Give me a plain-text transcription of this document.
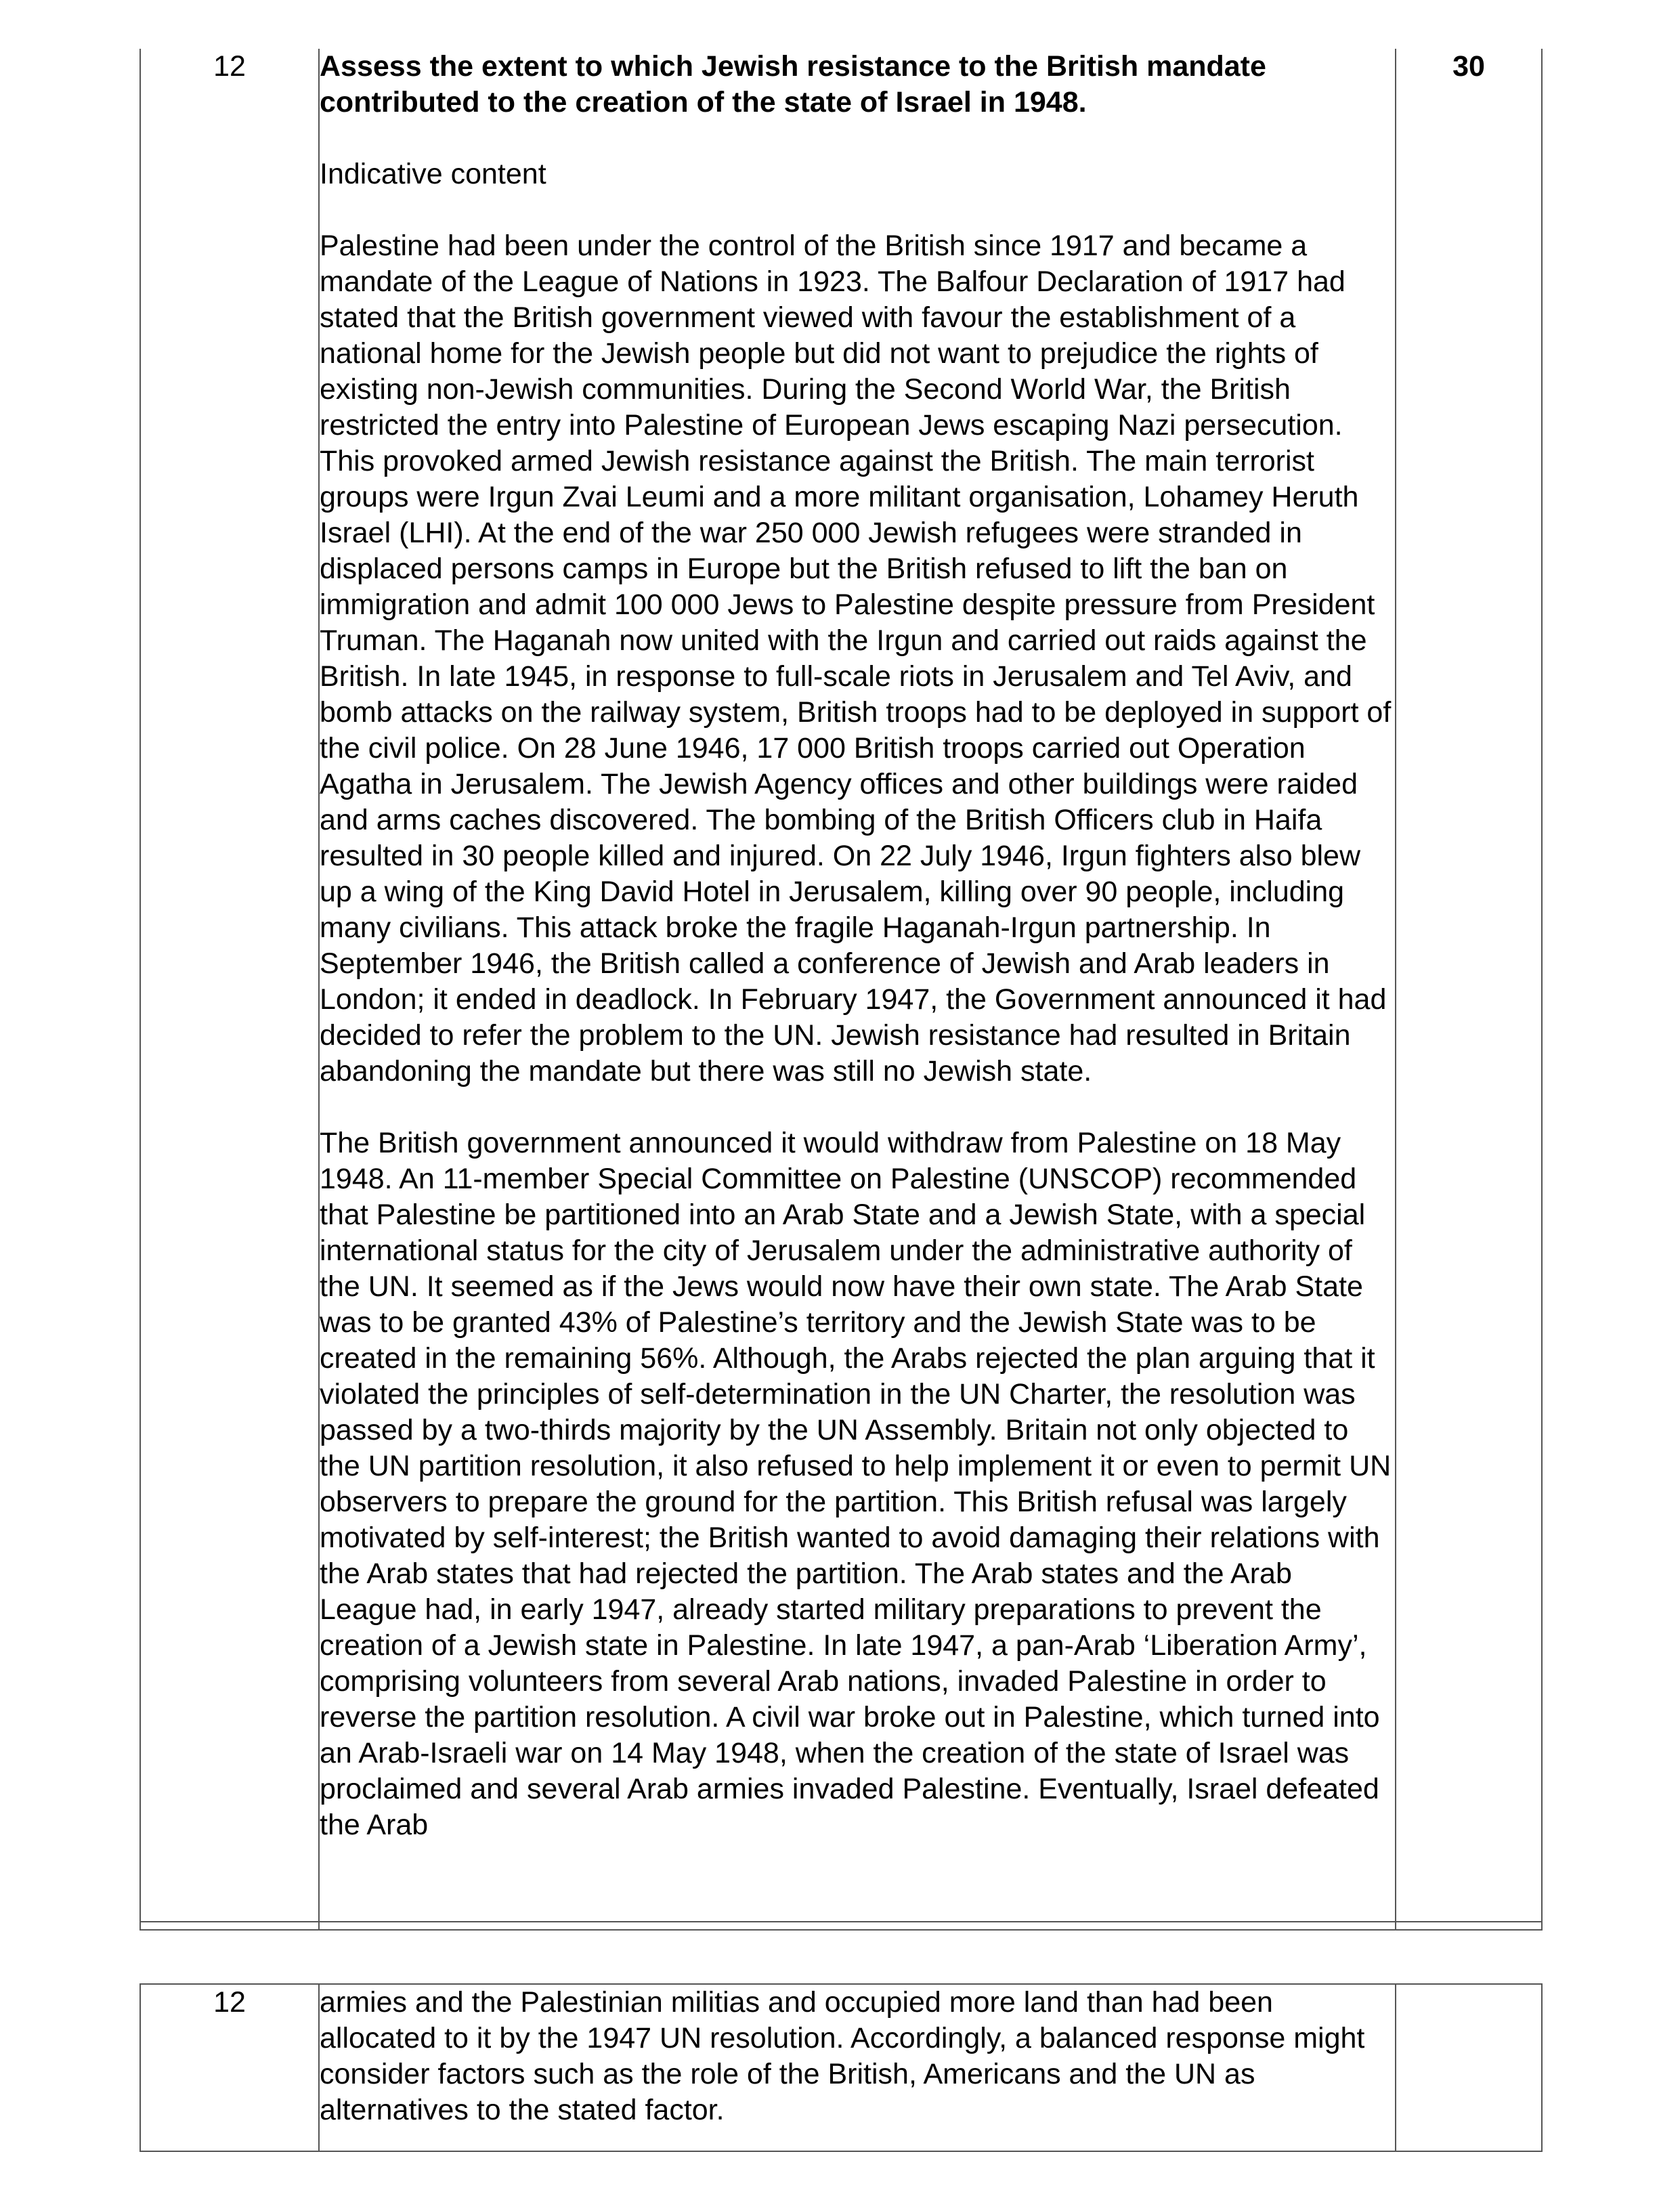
12	Assess the extent to which Jewish resistance to the British mandate contributed to the creation of the state of Israel in 1948.

Indicative content

Palestine had been under the control of the British since 1917 and became a mandate of the League of Nations in 1923. The Balfour Declaration of 1917 had stated that the British government viewed with favour the establishment of a national home for the Jewish people but did not want to prejudice the rights of existing non-Jewish communities. During the Second World War, the British restricted the entry into Palestine of European Jews escaping Nazi persecution. This provoked armed Jewish resistance against the British. The main terrorist groups were Irgun Zvai Leumi and a more militant organisation, Lohamey Heruth Israel (LHI). At the end of the war 250 000 Jewish refugees were stranded in displaced persons camps in Europe but the British refused to lift the ban on immigration and admit 100 000 Jews to Palestine despite pressure from President Truman. The Haganah now united with the Irgun and carried out raids against the British. In late 1945, in response to full-scale riots in Jerusalem and Tel Aviv, and bomb attacks on the railway system, British troops had to be deployed in support of the civil police. On 28 June 1946, 17 000 British troops carried out Operation Agatha in Jerusalem. The Jewish Agency offices and other buildings were raided and arms caches discovered. The bombing of the British Officers club in Haifa resulted in 30 people killed and injured. On 22 July 1946, Irgun fighters also blew up a wing of the King David Hotel in Jerusalem, killing over 90 people, including many civilians. This attack broke the fragile Haganah-Irgun partnership. In September 1946, the British called a conference of Jewish and Arab leaders in London; it ended in deadlock. In February 1947, the Government announced it had decided to refer the problem to the UN. Jewish resistance had resulted in Britain abandoning the mandate but there was still no Jewish state.

The British government announced it would withdraw from Palestine on 18 May 1948. An 11-member Special Committee on Palestine (UNSCOP) recommended that Palestine be partitioned into an Arab State and a Jewish State, with a special international status for the city of Jerusalem under the administrative authority of the UN. It seemed as if the Jews would now have their own state. The Arab State was to be granted 43% of Palestine’s territory and the Jewish State was to be created in the remaining 56%. Although, the Arabs rejected the plan arguing that it violated the principles of self-determination in the UN Charter, the resolution was passed by a two-thirds majority by the UN Assembly. Britain not only objected to the UN partition resolution, it also refused to help implement it or even to permit UN observers to prepare the ground for the partition. This British refusal was largely motivated by self-interest; the British wanted to avoid damaging their relations with the Arab states that had rejected the partition. The Arab states and the Arab League had, in early 1947, already started military preparations to prevent the creation of a Jewish state in Palestine. In late 1947, a pan-Arab ‘Liberation Army’, comprising volunteers from several Arab nations, invaded Palestine in order to reverse the partition resolution. A civil war broke out in Palestine, which turned into an Arab-Israeli war on 14 May 1948, when the creation of the state of Israel was proclaimed and several Arab armies invaded Palestine. Eventually, Israel defeated the Arab	30

12	armies and the Palestinian militias and occupied more land than had been allocated to it by the 1947 UN resolution. Accordingly, a balanced response might consider factors such as the role of the British, Americans and the UN as alternatives to the stated factor.
